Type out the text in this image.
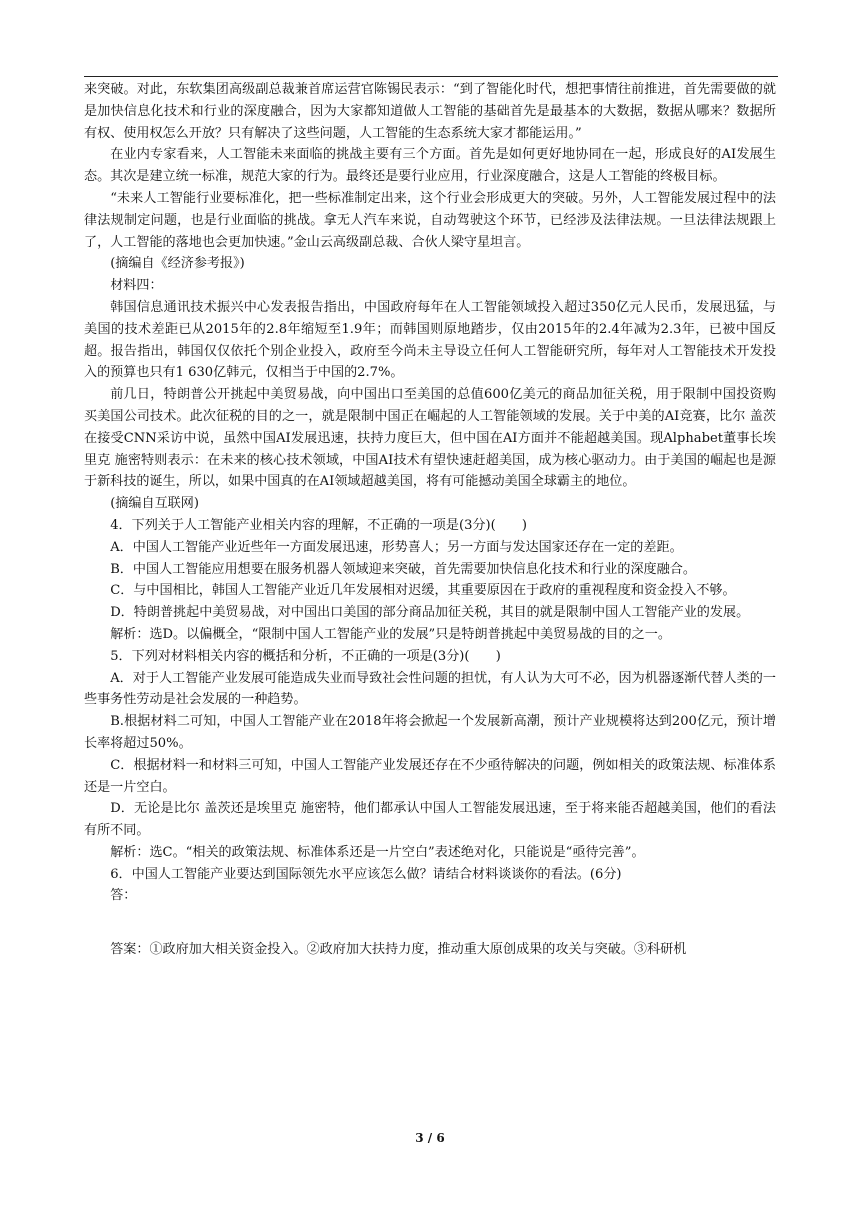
来突破。对此，东软集团高级副总裁兼首席运营官陈锡民表示：“到了智能化时代，想把事情往前推进，首先需要做的就是加快信息化技术和行业的深度融合，因为大家都知道做人工智能的基础首先是最基本的大数据，数据从哪来？数据所有权、使用权怎么开放？只有解决了这些问题，人工智能的生态系统大家才都能运用。”

在业内专家看来，人工智能未来面临的挑战主要有三个方面。首先是如何更好地协同在一起，形成良好的AI发展生态。其次是建立统一标准，规范大家的行为。最终还是要行业应用，行业深度融合，这是人工智能的终极目标。

“未来人工智能行业要标准化，把一些标准制定出来，这个行业会形成更大的突破。另外，人工智能发展过程中的法律法规制定问题，也是行业面临的挑战。拿无人汽车来说，自动驾驶这个环节，已经涉及法律法规。一旦法律法规跟上了，人工智能的落地也会更加快速。”金山云高级副总裁、合伙人梁守星坦言。

(摘编自《经济参考报》)

材料四：

韩国信息通讯技术振兴中心发表报告指出，中国政府每年在人工智能领域投入超过350亿元人民币，发展迅猛，与美国的技术差距已从2015年的2.8年缩短至1.9年；而韩国则原地踏步，仅由2015年的2.4年减为2.3年，已被中国反超。报告指出，韩国仅仅依托个别企业投入，政府至今尚未主导设立任何人工智能研究所，每年对人工智能技术开发投入的预算也只有1 630亿韩元，仅相当于中国的2.7%。

前几日，特朗普公开挑起中美贸易战，向中国出口至美国的总值600亿美元的商品加征关税，用于限制中国投资购买美国公司技术。此次征税的目的之一，就是限制中国正在崛起的人工智能领域的发展。关于中美的AI竞赛，比尔 盖茨在接受CNN采访中说，虽然中国AI发展迅速，扶持力度巨大，但中国在AI方面并不能超越美国。现Alphabet董事长埃里克 施密特则表示：在未来的核心技术领域，中国AI技术有望快速赶超美国，成为核心驱动力。由于美国的崛起也是源于新科技的诞生，所以，如果中国真的在AI领域超越美国，将有可能撼动美国全球霸主的地位。

(摘编自互联网)

4．下列关于人工智能产业相关内容的理解，不正确的一项是(3分)(　　)

A．中国人工智能产业近些年一方面发展迅速，形势喜人；另一方面与发达国家还存在一定的差距。

B．中国人工智能应用想要在服务机器人领域迎来突破，首先需要加快信息化技术和行业的深度融合。

C．与中国相比，韩国人工智能产业近几年发展相对迟缓，其重要原因在于政府的重视程度和资金投入不够。

D．特朗普挑起中美贸易战，对中国出口美国的部分商品加征关税，其目的就是限制中国人工智能产业的发展。

解析：选D。以偏概全，“限制中国人工智能产业的发展”只是特朗普挑起中美贸易战的目的之一。

5．下列对材料相关内容的概括和分析，不正确的一项是(3分)(　　)

A．对于人工智能产业发展可能造成失业而导致社会性问题的担忧，有人认为大可不必，因为机器逐渐代替人类的一些事务性劳动是社会发展的一种趋势。

B.根据材料二可知，中国人工智能产业在2018年将会掀起一个发展新高潮，预计产业规模将达到200亿元，预计增长率将超过50%。

C．根据材料一和材料三可知，中国人工智能产业发展还存在不少亟待解决的问题，例如相关的政策法规、标准体系还是一片空白。

D．无论是比尔 盖茨还是埃里克 施密特，他们都承认中国人工智能发展迅速，至于将来能否超越美国，他们的看法有所不同。

解析：选C。“相关的政策法规、标准体系还是一片空白”表述绝对化，只能说是“亟待完善”。

6．中国人工智能产业要达到国际领先水平应该怎么做？请结合材料谈谈你的看法。(6分)

答：

答案：①政府加大相关资金投入。②政府加大扶持力度，推动重大原创成果的攻关与突破。③科研机

3 / 6
